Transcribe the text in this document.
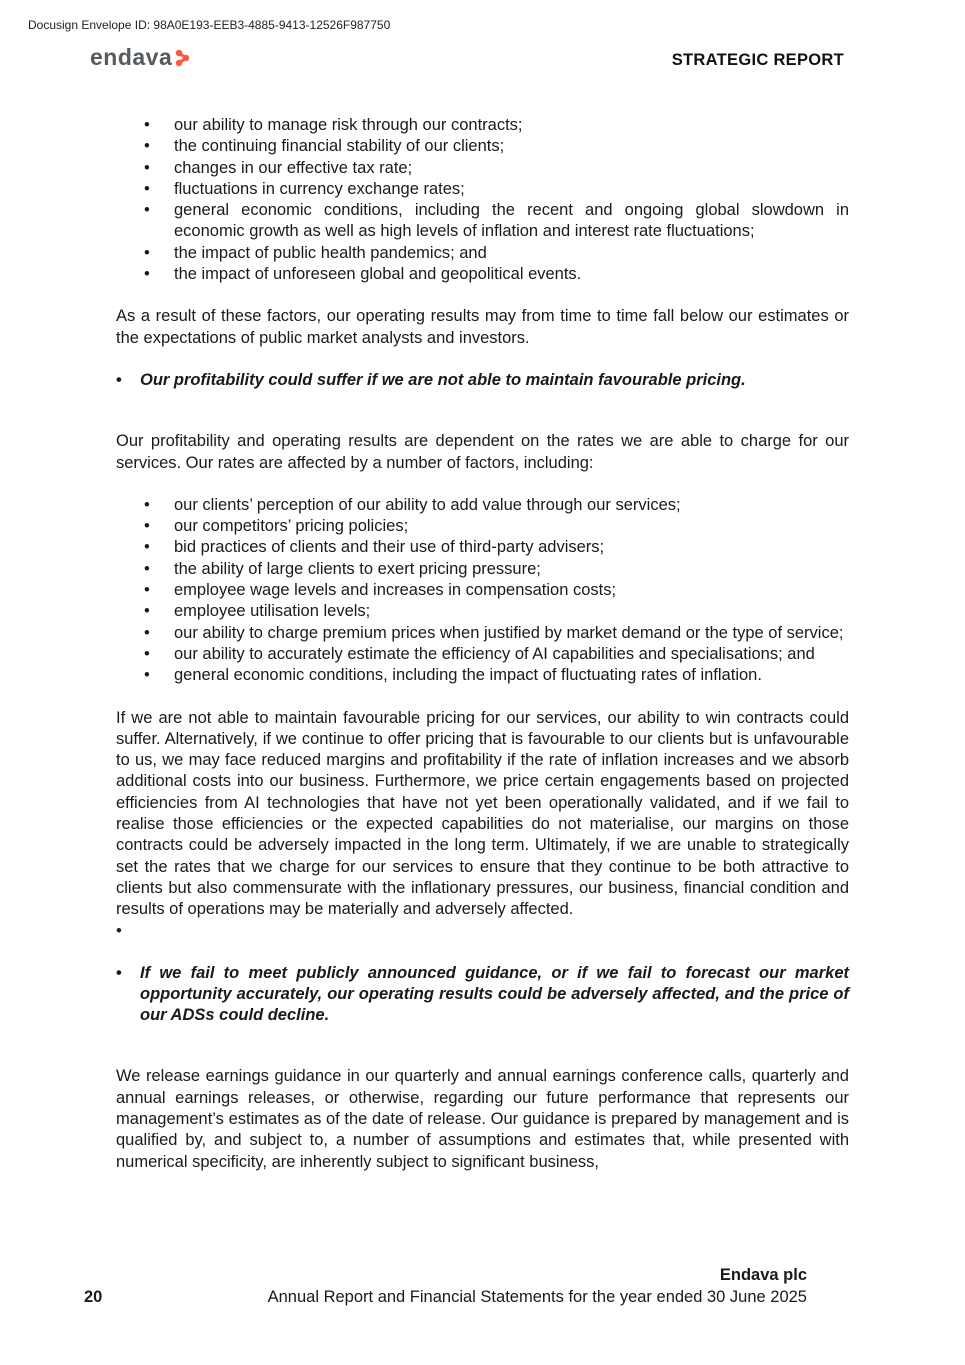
Docusign Envelope ID: 98A0E193-EEB3-4885-9413-12526F987750
endava	STRATEGIC REPORT
• our ability to manage risk through our contracts;
• the continuing financial stability of our clients;
• changes in our effective tax rate;
• fluctuations in currency exchange rates;
• general economic conditions, including the recent and ongoing global slowdown in economic growth as well as high levels of inflation and interest rate fluctuations;
• the impact of public health pandemics; and
• the impact of unforeseen global and geopolitical events.

As a result of these factors, our operating results may from time to time fall below our estimates or the expectations of public market analysts and investors.

• Our profitability could suffer if we are not able to maintain favourable pricing.

Our profitability and operating results are dependent on the rates we are able to charge for our services. Our rates are affected by a number of factors, including:

• our clients’ perception of our ability to add value through our services;
• our competitors’ pricing policies;
• bid practices of clients and their use of third-party advisers;
• the ability of large clients to exert pricing pressure;
• employee wage levels and increases in compensation costs;
• employee utilisation levels;
• our ability to charge premium prices when justified by market demand or the type of service;
• our ability to accurately estimate the efficiency of AI capabilities and specialisations; and
• general economic conditions, including the impact of fluctuating rates of inflation.

If we are not able to maintain favourable pricing for our services, our ability to win contracts could suffer. Alternatively, if we continue to offer pricing that is favourable to our clients but is unfavourable to us, we may face reduced margins and profitability if the rate of inflation increases and we absorb additional costs into our business. Furthermore, we price certain engagements based on projected efficiencies from AI technologies that have not yet been operationally validated, and if we fail to realise those efficiencies or the expected capabilities do not materialise, our margins on those contracts could be adversely impacted in the long term. Ultimately, if we are unable to strategically set the rates that we charge for our services to ensure that they continue to be both attractive to clients but also commensurate with the inflationary pressures, our business, financial condition and results of operations may be materially and adversely affected.

•
• If we fail to meet publicly announced guidance, or if we fail to forecast our market opportunity accurately, our operating results could be adversely affected, and the price of our ADSs could decline.

We release earnings guidance in our quarterly and annual earnings conference calls, quarterly and annual earnings releases, or otherwise, regarding our future performance that represents our management’s estimates as of the date of release. Our guidance is prepared by management and is qualified by, and subject to, a number of assumptions and estimates that, while presented with numerical specificity, are inherently subject to significant business,

Endava plc
20	Annual Report and Financial Statements for the year ended 30 June 2025
